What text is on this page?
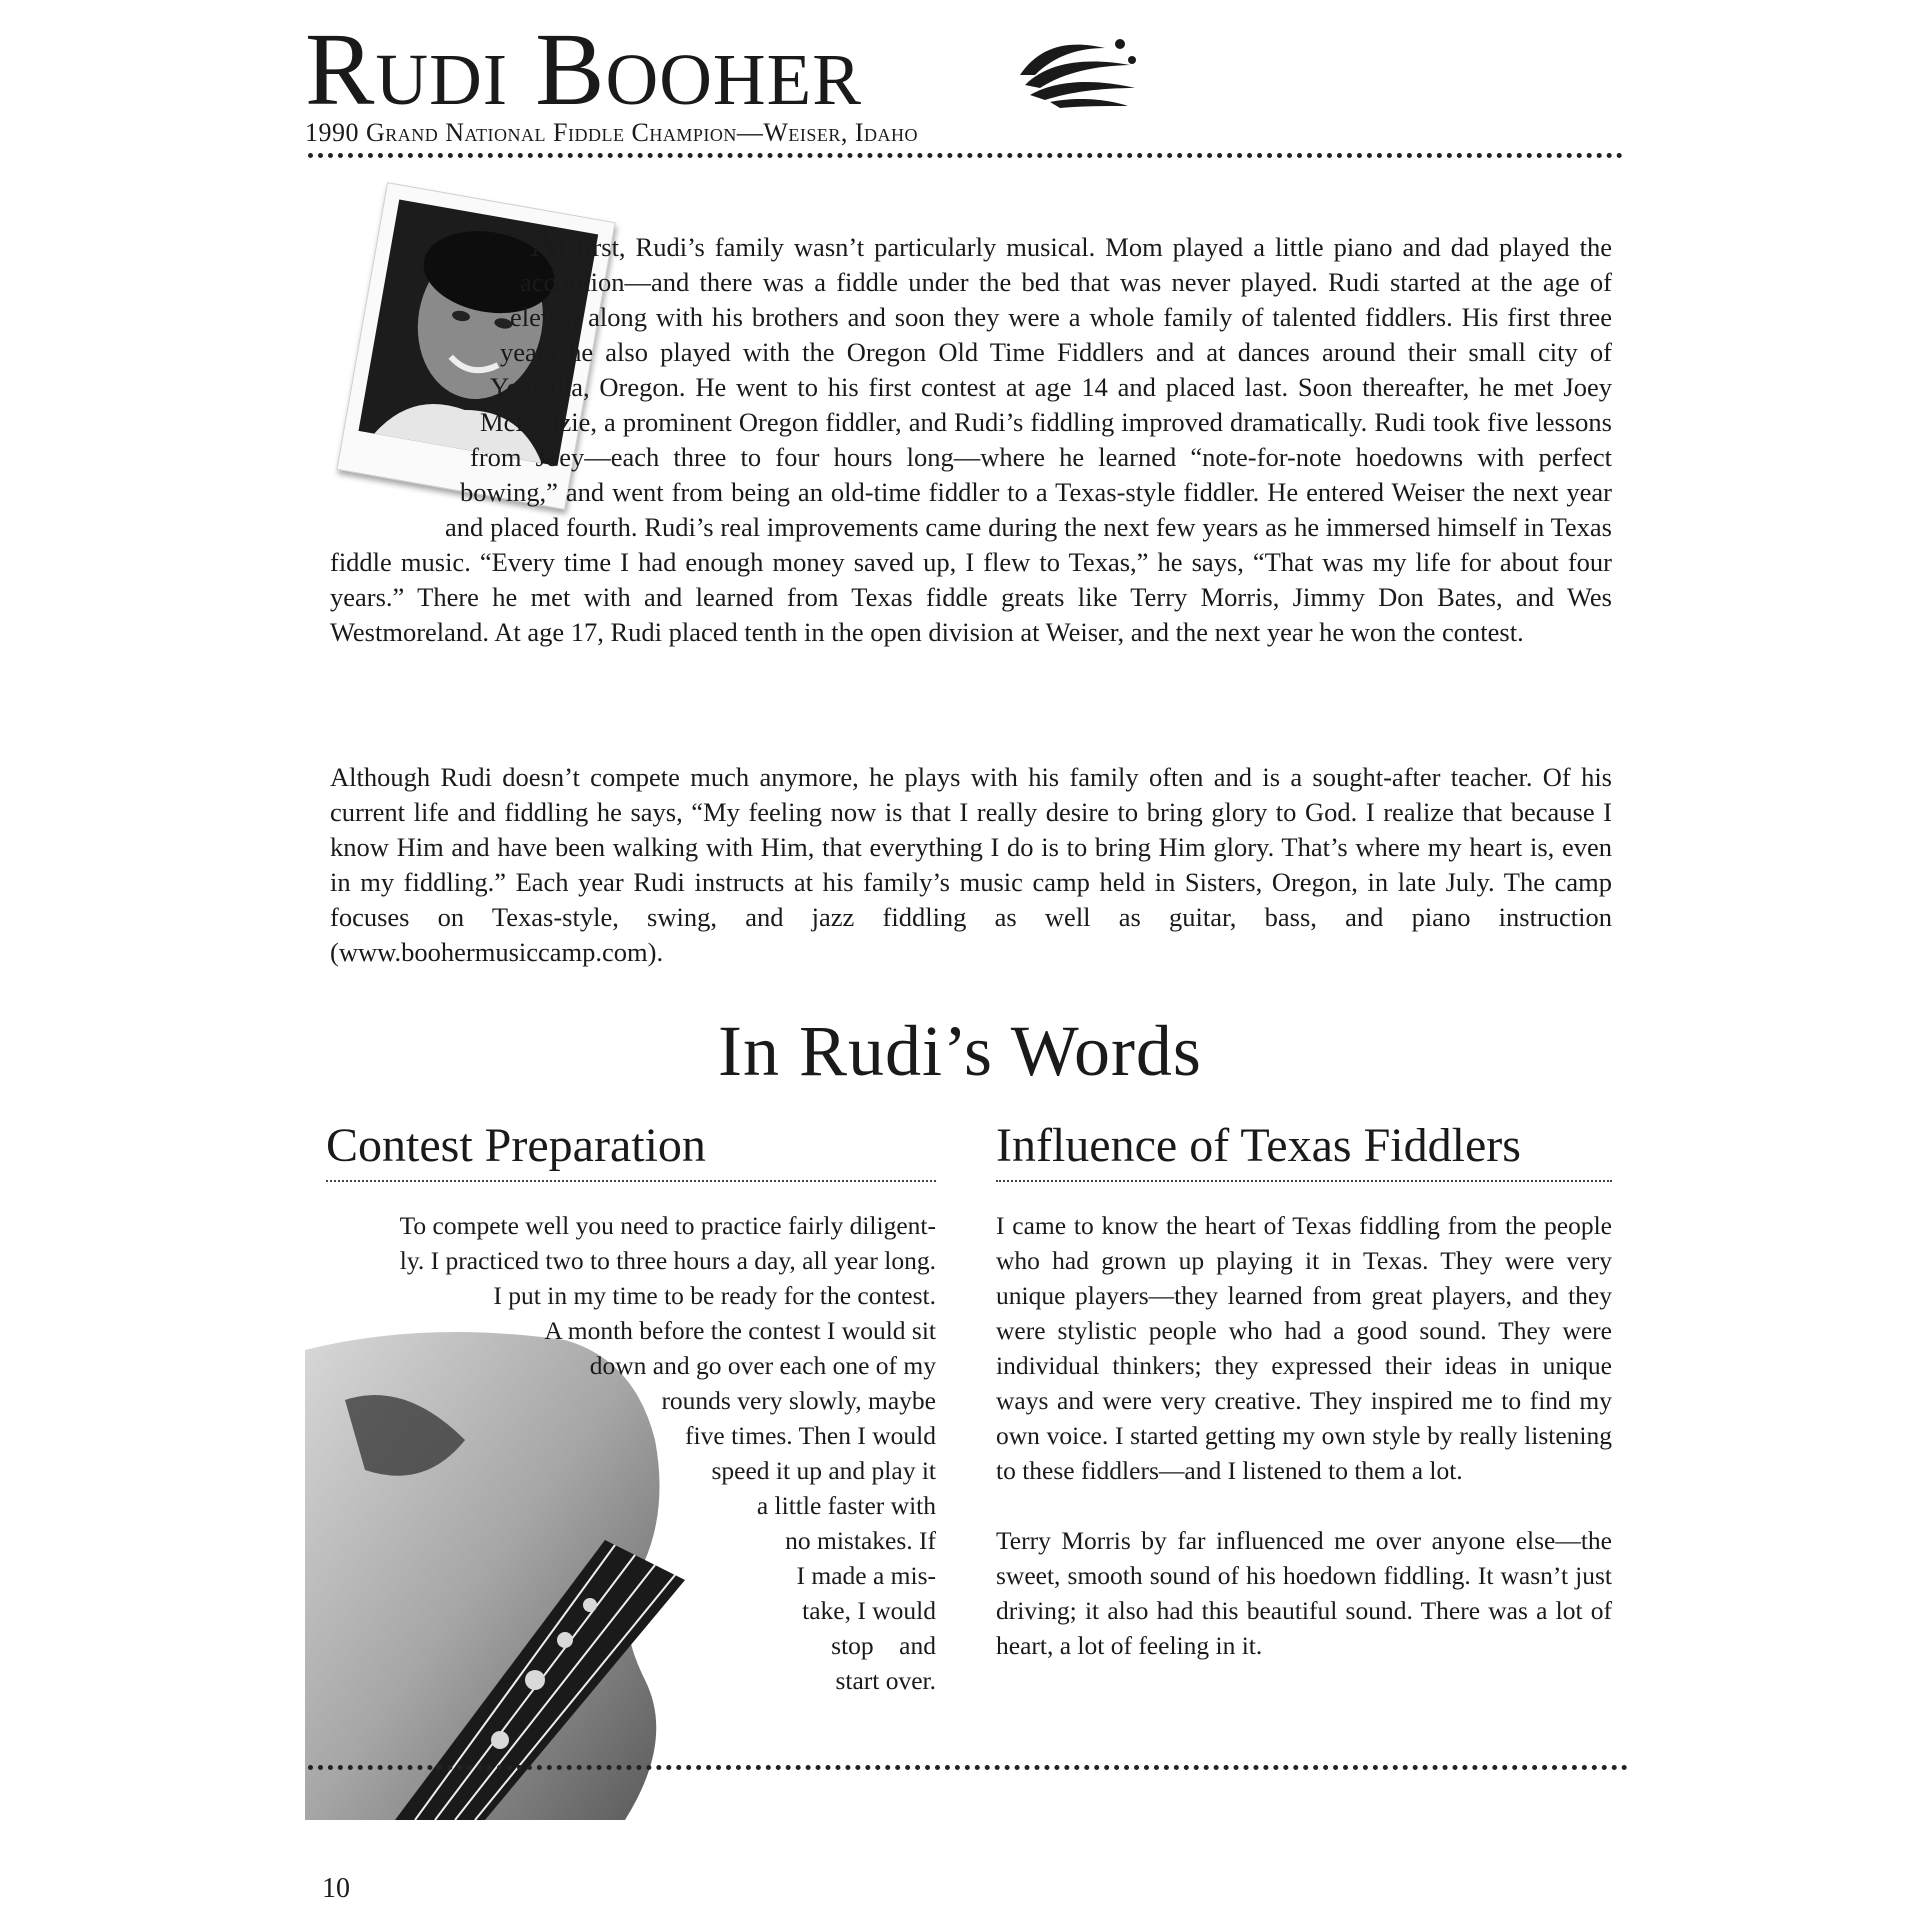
Rudi Booher

1990 Grand National Fiddle Champion—Weiser, Idaho

At first, Rudi’s family wasn’t particularly musical. Mom played a little piano and dad played the accordion—and there was a fiddle under the bed that was never played. Rudi started at the age of eleven along with his brothers and soon they were a whole family of talented fiddlers. His first three years he also played with the Oregon Old Time Fiddlers and at dances around their small city of Yoncalla, Oregon. He went to his first contest at age 14 and placed last. Soon thereafter, he met Joey McKenzie, a prominent Oregon fiddler, and Rudi’s fiddling improved dramatically. Rudi took five lessons from Joey—each three to four hours long—where he learned “note-for-note hoedowns with perfect bowing,” and went from being an old-time fiddler to a Texas-style fiddler. He entered Weiser the next year and placed fourth. Rudi’s real improvements came during the next few years as he immersed himself in Texas fiddle music. “Every time I had enough money saved up, I flew to Texas,” he says, “That was my life for about four years.” There he met with and learned from Texas fiddle greats like Terry Morris, Jimmy Don Bates, and Wes Westmoreland. At age 17, Rudi placed tenth in the open division at Weiser, and the next year he won the contest.

Although Rudi doesn’t compete much anymore, he plays with his family often and is a sought-after teacher. Of his current life and fiddling he says, “My feeling now is that I really desire to bring glory to God. I realize that because I know Him and have been walking with Him, that everything I do is to bring Him glory. That’s where my heart is, even in my fiddling.” Each year Rudi instructs at his family’s music camp held in Sisters, Oregon, in late July. The camp focuses on Texas-style, swing, and jazz fiddling as well as guitar, bass, and piano instruction (www.boohermusiccamp.com).

In Rudi’s Words
Contest Preparation	Influence of Texas Fiddlers
To compete well you need to practice fairly diligent-
ly. I practiced two to three hours a day, all year long.
I put in my time to be ready for the contest.
A month before the contest I would sit
down and go over each one of my
rounds very slowly, maybe
five times. Then I would
speed it up and play it
a little faster with
no mistakes. If
I made a mis-
take, I would
stop    and
start over.

I came to know the heart of Texas fiddling from the people who had grown up playing it in Texas. They were very unique players—they learned from great players, and they were stylistic people who had a good sound. They were individual thinkers; they expressed their ideas in unique ways and were very creative. They inspired me to find my own voice. I started getting my own style by really listening to these fiddlers—and I listened to them a lot.

Terry Morris by far influenced me over anyone else—the sweet, smooth sound of his hoedown fiddling. It wasn’t just driving; it also had this beautiful sound. There was a lot of heart, a lot of feeling in it.

10
